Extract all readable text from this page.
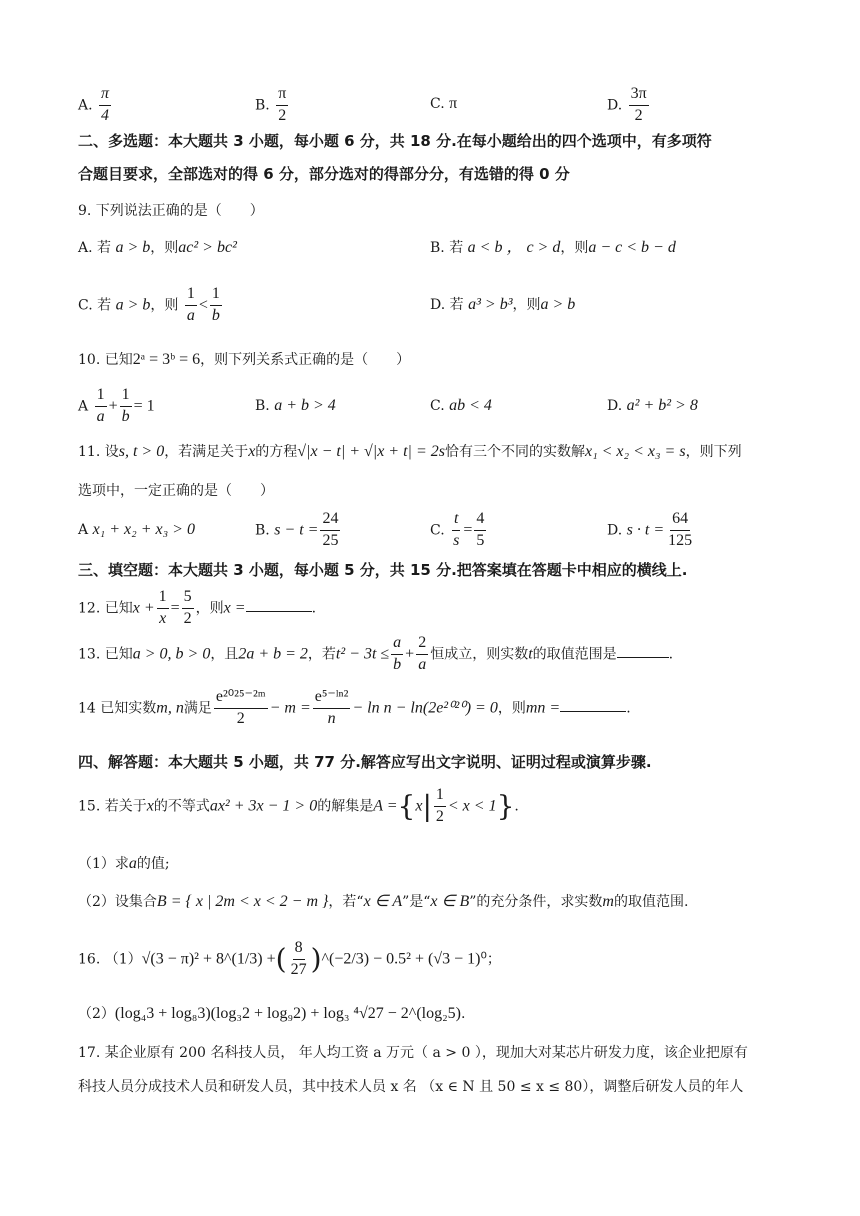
A. $\frac{\pi}{4}$	B. $\frac{\pi}{2}$	C. π	D. $\frac{3\pi}{2}$
二、多选题：本大题共 3 小题，每小题 6 分，共 18 分.在每小题给出的四个选项中，有多项符
合题目要求，全部选对的得 6 分，部分选对的得部分分，有选错的得 0 分
9. 下列说法正确的是（　　）
A. 若 a > b，则ac² > bc²	B. 若 a < b ， c > d，则a − c < b − d
C. 若 a > b，则 $\frac{1}{a} < \frac{1}{b}$	D. 若 a³ > b³，则a > b
10. 已知2ᵃ = 3ᵇ = 6，则下列关系式正确的是（　　）
A $\frac{1}{a} + \frac{1}{b} = 1$	B. a + b > 4	C. ab < 4	D. a² + b² > 8
11. 设s, t > 0，若满足关于x的方程√|x − t| + √|x + t| = 2s恰有三个不同的实数解x₁ < x₂ < x₃ = s，则下列
选项中，一定正确的是（　　）
A x₁ + x₂ + x₃ > 0	B. $s - t = \frac{24}{25}$	C. $\frac{t}{s} = \frac{4}{5}$	D. $s \cdot t = \frac{64}{125}$
三、填空题：本大题共 3 小题，每小题 5 分，共 15 分.把答案填在答题卡中相应的横线上.
12. 已知$x + \frac{1}{x} = \frac{5}{2}$ ，则x =	.
13. 已知a > 0, b > 0，且2a + b = 2，若$t^2 - 3t \le \frac{a}{b} + \frac{2}{a}$ 恒成立，则实数t的取值范围是	.
14 已知实数m, n满足 $\frac{\text{e²⁰²⁵⁻²ᵐ}}{2} - m = \frac{\text{e⁵⁻ˡⁿ²}}{n} - \ln n - \ln(2e^{2020}) = 0$，则mn =	.
四、解答题：本大题共 5 小题，共 77 分.解答应写出文字说明、证明过程或演算步骤.
15. 若关于x的不等式ax² + 3x − 1 > 0的解集是$A =\{x| \frac{1}{2} < x < 1\}$.
（1）求a的值;
（2）设集合B = { x | 2m < x < 2 − m }，若“x ∈ A”是“x ∈ B”的充分条件，求实数m的取值范围.
16. （1）√(3 − π)² + 8^(1/3) +( $\frac{8}{27}$ )^(−2/3) − 0.5² + (√3 − 1)⁰；
（2）(log₄3 + log₈3)(log₃2 + log₉2) + log₃ ⁴√27 − 2^(log₂5).
17. 某企业原有 200 名科技人员， 年人均工资 a 万元（ a > 0 ），现加大对某芯片研发力度，该企业把原有
科技人员分成技术人员和研发人员，其中技术人员 x 名 （x ∈ N 且 50 ≤ x ≤ 80），调整后研发人员的年人
